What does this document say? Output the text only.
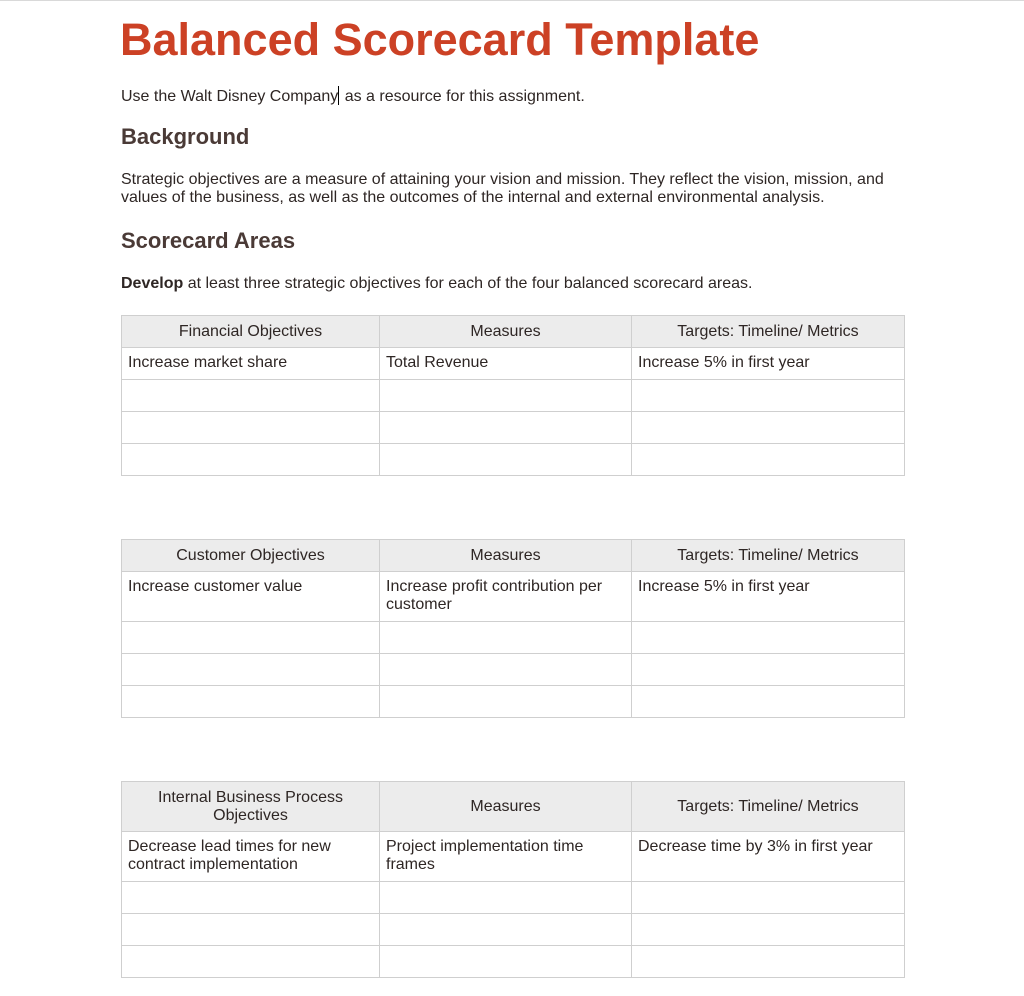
Balanced Scorecard Template
Use the Walt Disney Company as a resource for this assignment.
Background
Strategic objectives are a measure of attaining your vision and mission. They reflect the vision, mission, and values of the business, as well as the outcomes of the internal and external environmental analysis.
Scorecard Areas
Develop at least three strategic objectives for each of the four balanced scorecard areas.
Financial Objectives	Measures	Targets: Timeline/ Metrics
Increase market share	Total Revenue	Increase 5% in first year

Customer Objectives	Measures	Targets: Timeline/ Metrics
Increase customer value	Increase profit contribution per customer	Increase 5% in first year

Internal Business Process Objectives	Measures	Targets: Timeline/ Metrics
Decrease lead times for new contract implementation	Project implementation time frames	Decrease time by 3% in first year
